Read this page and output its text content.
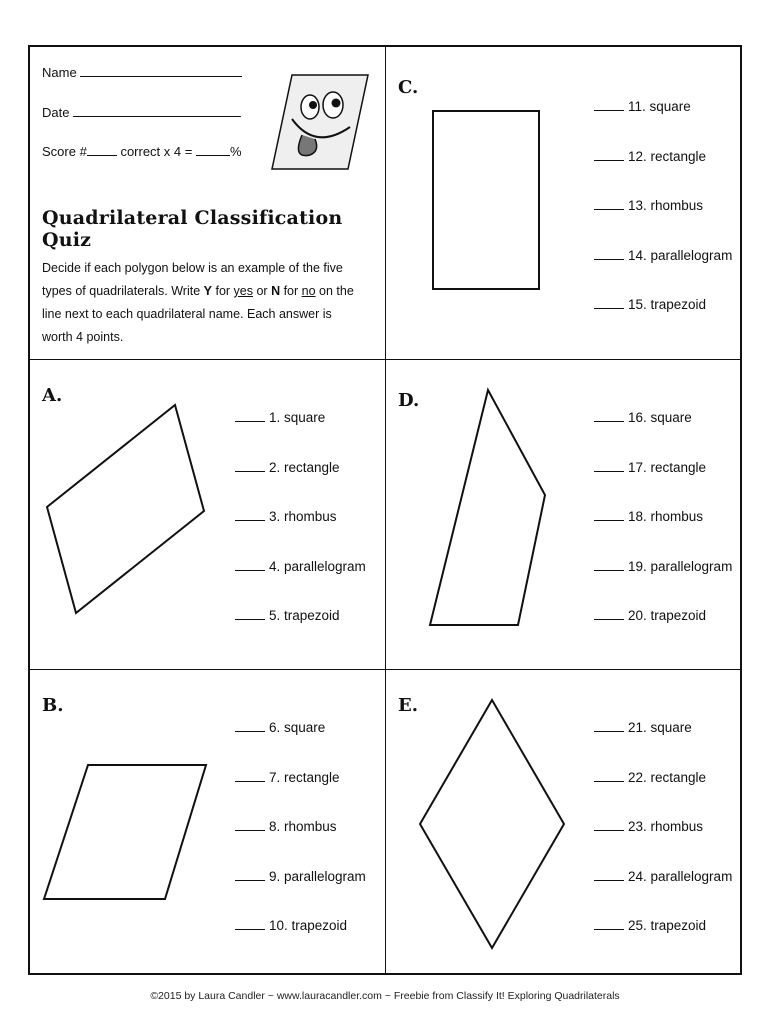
Name
Date
Score #	correct x 4 =	%
Quadrilateral Classification Quiz
Decide if each polygon below is an example of the five types of quadrilaterals. Write Y for yes or N for no on the line next to each quadrilateral name. Each answer is worth 4 points.
C.
11. square
12. rectangle
13. rhombus
14. parallelogram
15. trapezoid
A.
1. square
2. rectangle
3. rhombus
4. parallelogram
5. trapezoid
D.
16. square
17. rectangle
18. rhombus
19. parallelogram
20. trapezoid
B.
6. square
7. rectangle
8. rhombus
9. parallelogram
10. trapezoid
E.
21. square
22. rectangle
23. rhombus
24. parallelogram
25. trapezoid
©2015 by Laura Candler ~ www.lauracandler.com ~ Freebie from Classify It! Exploring Quadrilaterals
